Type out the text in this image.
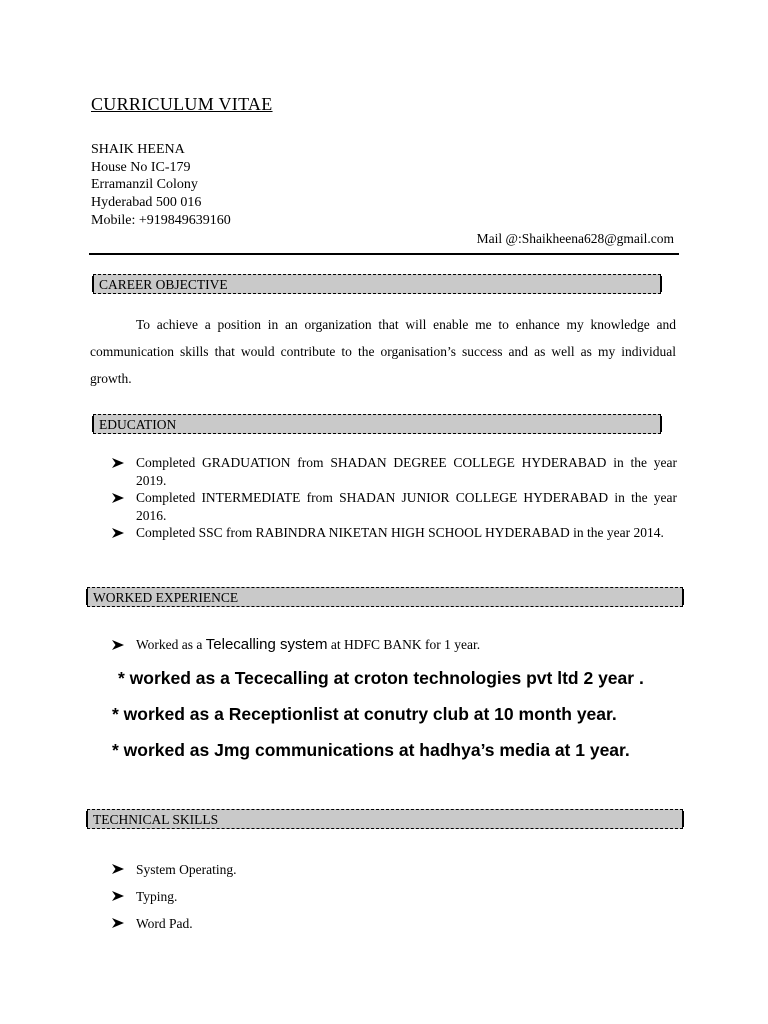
CURRICULUM VITAE
SHAIK HEENA
House No IC-179
Erramanzil Colony
Hyderabad 500 016
Mobile: +919849639160
Mail @:Shaikheena628@gmail.com
CAREER OBJECTIVE
To achieve a position in an organization that will enable me to enhance my knowledge and communication skills that would contribute to the organisation’s success and as well as my individual growth.
EDUCATION
Completed GRADUATION from SHADAN DEGREE COLLEGE HYDERABAD in the year 2019.
Completed INTERMEDIATE from SHADAN JUNIOR COLLEGE HYDERABAD in the year 2016.
Completed SSC from RABINDRA NIKETAN HIGH SCHOOL HYDERABAD in the year 2014.
WORKED EXPERIENCE
Worked as a Telecalling system at HDFC BANK for 1 year.
* worked as a Tececalling at croton technologies pvt ltd 2 year .
* worked as a Receptionlist at conutry club at 10 month year.
* worked as Jmg communications at hadhya’s media at 1 year.
TECHNICAL SKILLS
System Operating.
Typing.
Word Pad.
